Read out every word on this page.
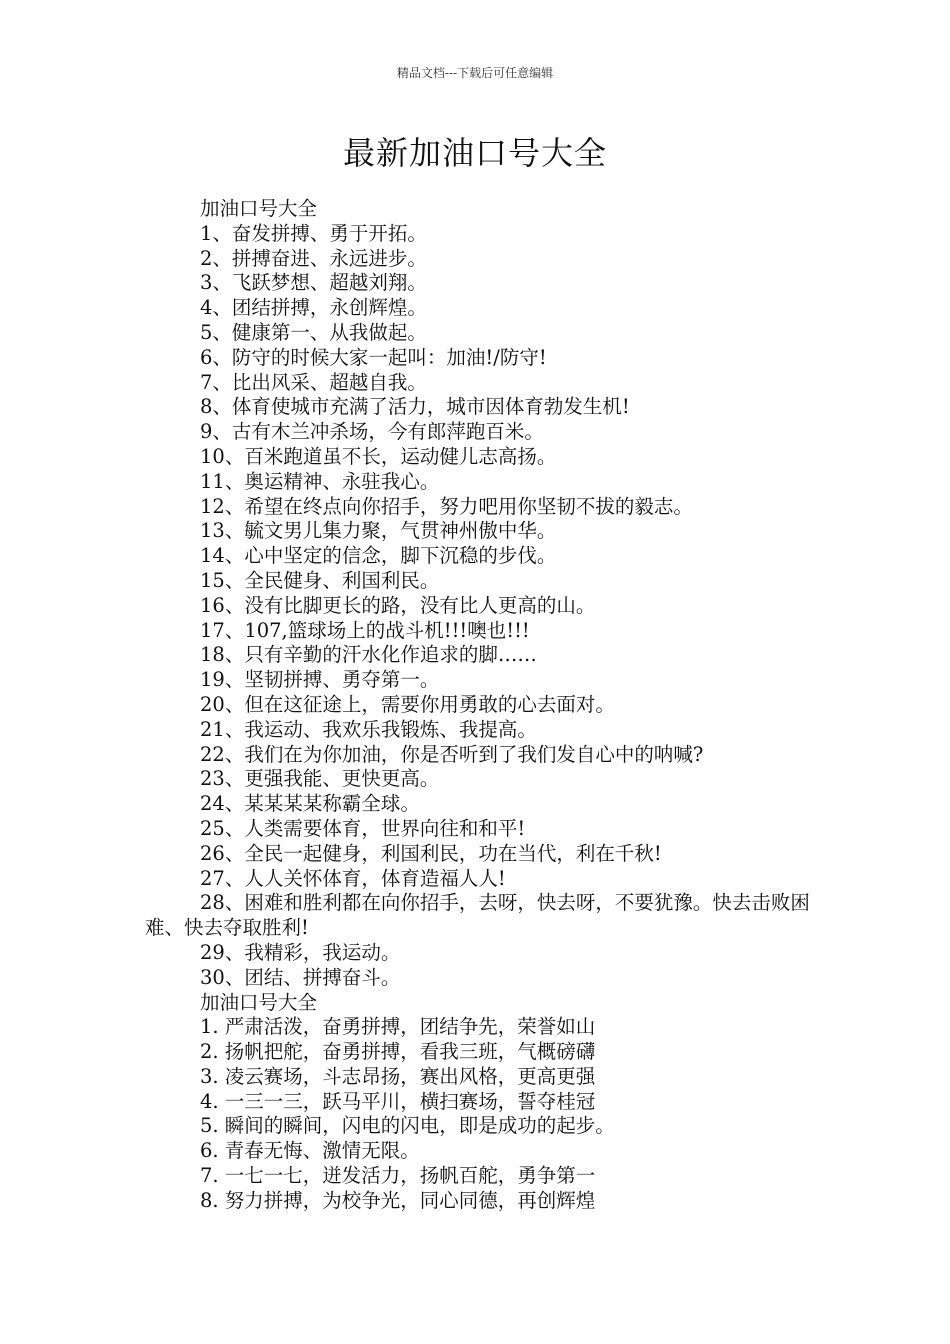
精品文档---下载后可任意编辑
最新加油口号大全
加油口号大全
1、奋发拼搏、勇于开拓。
2、拼搏奋进、永远进步。
3、飞跃梦想、超越刘翔。
4、团结拼搏，永创辉煌。
5、健康第一、从我做起。
6、防守的时候大家一起叫：加油!/防守!
7、比出风采、超越自我。
8、体育使城市充满了活力，城市因体育勃发生机!
9、古有木兰冲杀场，今有郎萍跑百米。
10、百米跑道虽不长，运动健儿志高扬。
11、奥运精神、永驻我心。
12、希望在终点向你招手，努力吧用你坚韧不拔的毅志。
13、毓文男儿集力聚，气贯神州傲中华。
14、心中坚定的信念，脚下沉稳的步伐。
15、全民健身、利国利民。
16、没有比脚更长的路，没有比人更高的山。
17、107,篮球场上的战斗机!!!噢也!!!
18、只有辛勤的汗水化作追求的脚……
19、坚韧拼搏、勇夺第一。
20、但在这征途上，需要你用勇敢的心去面对。
21、我运动、我欢乐我锻炼、我提高。
22、我们在为你加油，你是否听到了我们发自心中的呐喊?
23、更强我能、更快更高。
24、某某某某称霸全球。
25、人类需要体育，世界向往和和平!
26、全民一起健身，利国利民，功在当代，利在千秋!
27、人人关怀体育，体育造福人人!
28、困难和胜利都在向你招手，去呀，快去呀，不要犹豫。快去击败困难、快去夺取胜利!
29、我精彩，我运动。
30、团结、拼搏奋斗。
加油口号大全
1. 严肃活泼，奋勇拼搏，团结争先，荣誉如山
2. 扬帆把舵，奋勇拼搏，看我三班，气概磅礴
3. 凌云赛场，斗志昂扬，赛出风格，更高更强
4. 一三一三，跃马平川，横扫赛场，誓夺桂冠
5. 瞬间的瞬间，闪电的闪电，即是成功的起步。
6. 青春无悔、激情无限。
7. 一七一七，迸发活力，扬帆百舵，勇争第一
8. 努力拼搏，为校争光，同心同德，再创辉煌
